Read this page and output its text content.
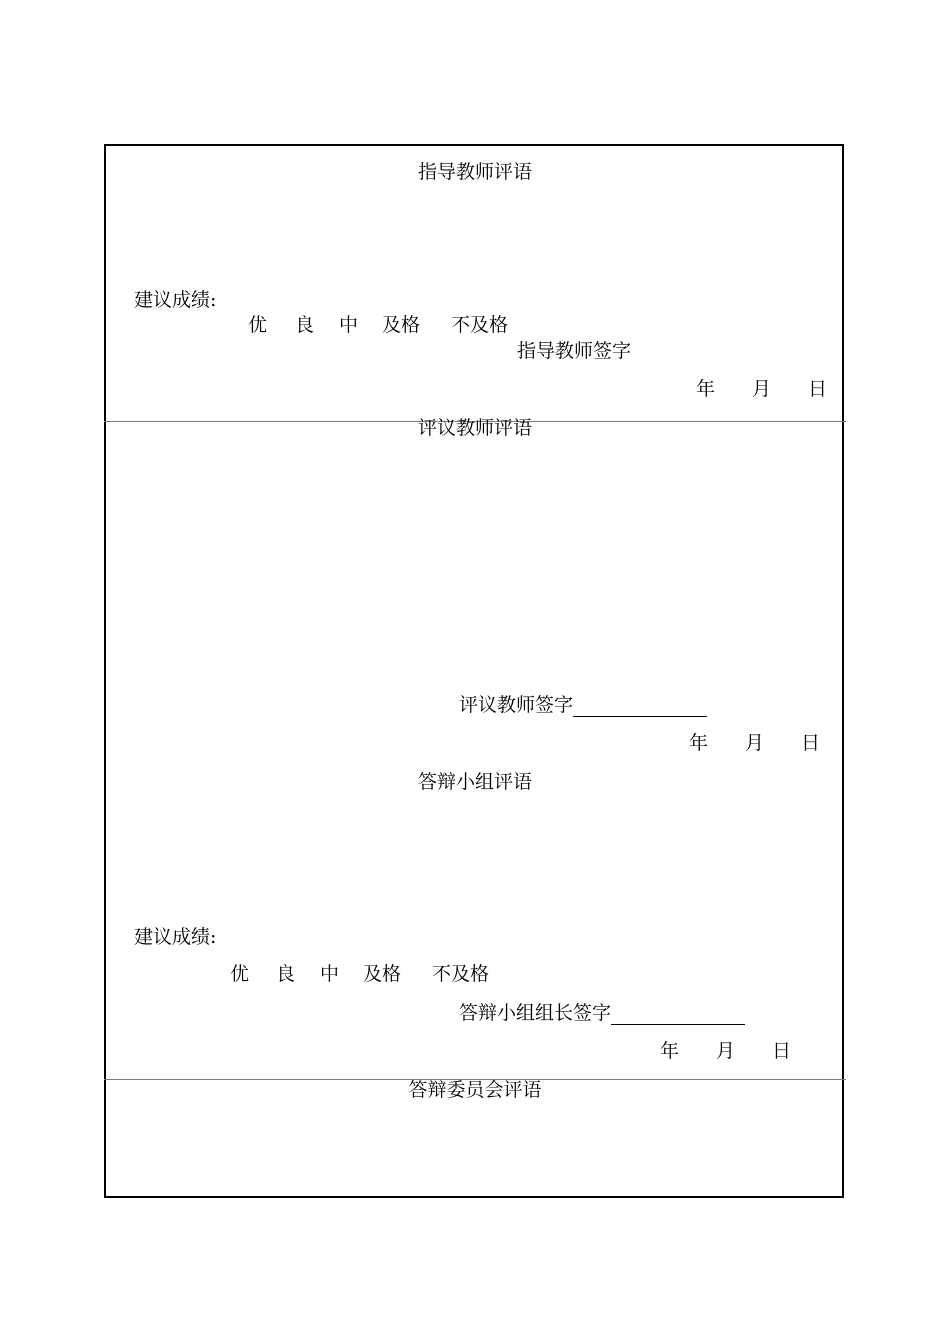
指导教师评语
建议成绩:
优 良 中 及格 不及格
指导教师签字
年 月 日
评议教师评语
评议教师签字
年 月 日
答辩小组评语
建议成绩:
优 良 中 及格 不及格
答辩小组组长签字
年 月 日
答辩委员会评语
